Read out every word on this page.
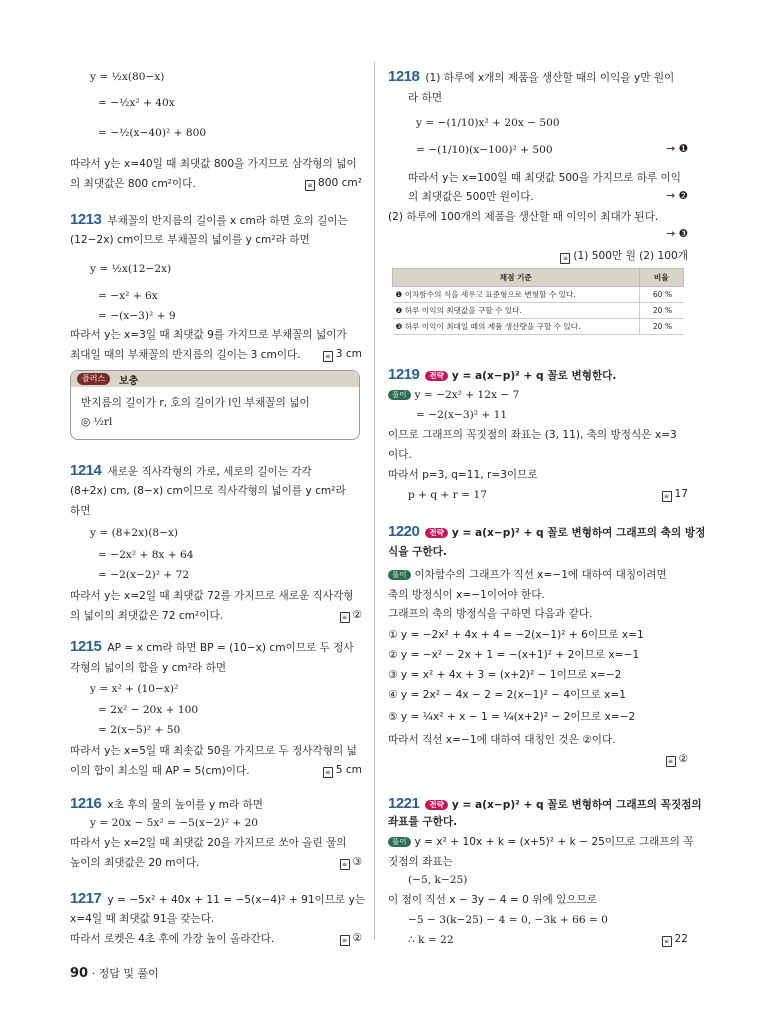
y = ½x(80−x)
= −½x² + 40x
= −½(x−40)² + 800
따라서 y는 x=40일 때 최댓값 800을 가지므로 삼각형의 넓이
의 최댓값은 800 cm²이다.
1213 부채꼴의 반지름의 길이를 x cm라 하면 호의 길이는
(12−2x) cm이므로 부채꼴의 넓이를 y cm²라 하면
y = ½x(12−2x)
= −x² + 6x
= −(x−3)² + 9
따라서 y는 x=3일 때 최댓값 9를 가지므로 부채꼴의 넓이가
최대일 때의 부채꼴의 반지름의 길이는 3 cm이다.
1214 새로운 직사각형의 가로, 세로의 길이는 각각
(8+2x) cm, (8−x) cm이므로 직사각형의 넓이를 y cm²라
하면
y = (8+2x)(8−x)
= −2x² + 8x + 64
= −2(x−2)² + 72
따라서 y는 x=2일 때 최댓값 72를 가지므로 새로운 직사각형
의 넓이의 최댓값은 72 cm²이다.
1215 AP = x cm라 하면 BP = (10−x) cm이므로 두 정사
각형의 넓이의 합을 y cm²라 하면
y = x² + (10−x)²
= 2x² − 20x + 100
= 2(x−5)² + 50
따라서 y는 x=5일 때 최솟값 50을 가지므로 두 정사각형의 넓
이의 합이 최소일 때 AP = 5(cm)이다.
1216 x초 후의 물의 높이를 y m라 하면
y = 20x − 5x² = −5(x−2)² + 20
따라서 y는 x=2일 때 최댓값 20을 가지므로 쏘아 올린 물의
높이의 최댓값은 20 m이다.
1217 y = −5x² + 40x + 11 = −5(x−4)² + 91이므로 y는
x=4일 때 최댓값 91을 갖는다.
따라서 로켓은 4초 후에 가장 높이 올라간다.
≡ 800 cm²
≡ 3 cm
≡ ②
≡ 5 cm
≡ ③
≡ ②
플러스	보충
반지름의 길이가 r, 호의 길이가 l인 부채꼴의 넓이
◎ ½rl
1218 (1) 하루에 x개의 제품을 생산할 때의 이익을 y만 원이
라 하면
y = −(1/10)x² + 20x − 500
= −(1/10)(x−100)² + 500
따라서 y는 x=100일 때 최댓값 500을 가지므로 하루 이익
의 최댓값은 500만 원이다.
(2) 하루에 100개의 제품을 생산할 때 이익이 최대가 된다.
1219 전략 y = a(x−p)² + q 꼴로 변형한다.
풀이 y = −2x² + 12x − 7
= −2(x−3)² + 11
이므로 그래프의 꼭짓점의 좌표는 (3, 11), 축의 방정식은 x=3
이다.
따라서 p=3, q=11, r=3이므로
p + q + r = 17
1220 전략 y = a(x−p)² + q 꼴로 변형하여 그래프의 축의 방정
식을 구한다.
풀이 이차함수의 그래프가 직선 x=−1에 대하여 대칭이려면
축의 방정식이 x=−1이어야 한다.
그래프의 축의 방정식을 구하면 다음과 같다.
① y = −2x² + 4x + 4 = −2(x−1)² + 6이므로 x=1
② y = −x² − 2x + 1 = −(x+1)² + 2이므로 x=−1
③ y = x² + 4x + 3 = (x+2)² − 1이므로 x=−2
④ y = 2x² − 4x − 2 = 2(x−1)² − 4이므로 x=1
⑤ y = ¼x² + x − 1 = ¼(x+2)² − 2이므로 x=−2
따라서 직선 x=−1에 대하여 대칭인 것은 ②이다.
1221 전략 y = a(x−p)² + q 꼴로 변형하여 그래프의 꼭짓점의
좌표를 구한다.
풀이 y = x² + 10x + k = (x+5)² + k − 25이므로 그래프의 꼭
짓점의 좌표는
(−5, k−25)
이 점이 직선 x − 3y − 4 = 0 위에 있으므로
−5 − 3(k−25) − 4 = 0, −3k + 66 = 0
∴ k = 22
≡ (1) 500만 원 (2) 100개
≡ 17
≡ ②
≡ 22
→ ❶
→ ❷
→ ❸
채점 기준	비율
❶ 이차함수의 식을 세우고 표준형으로 변형할 수 있다.	60 %
❷ 하루 이익의 최댓값을 구할 수 있다.	20 %
❸ 하루 이익이 최대일 때의 제품 생산량을 구할 수 있다.	20 %
90 · 정답 및 풀이
